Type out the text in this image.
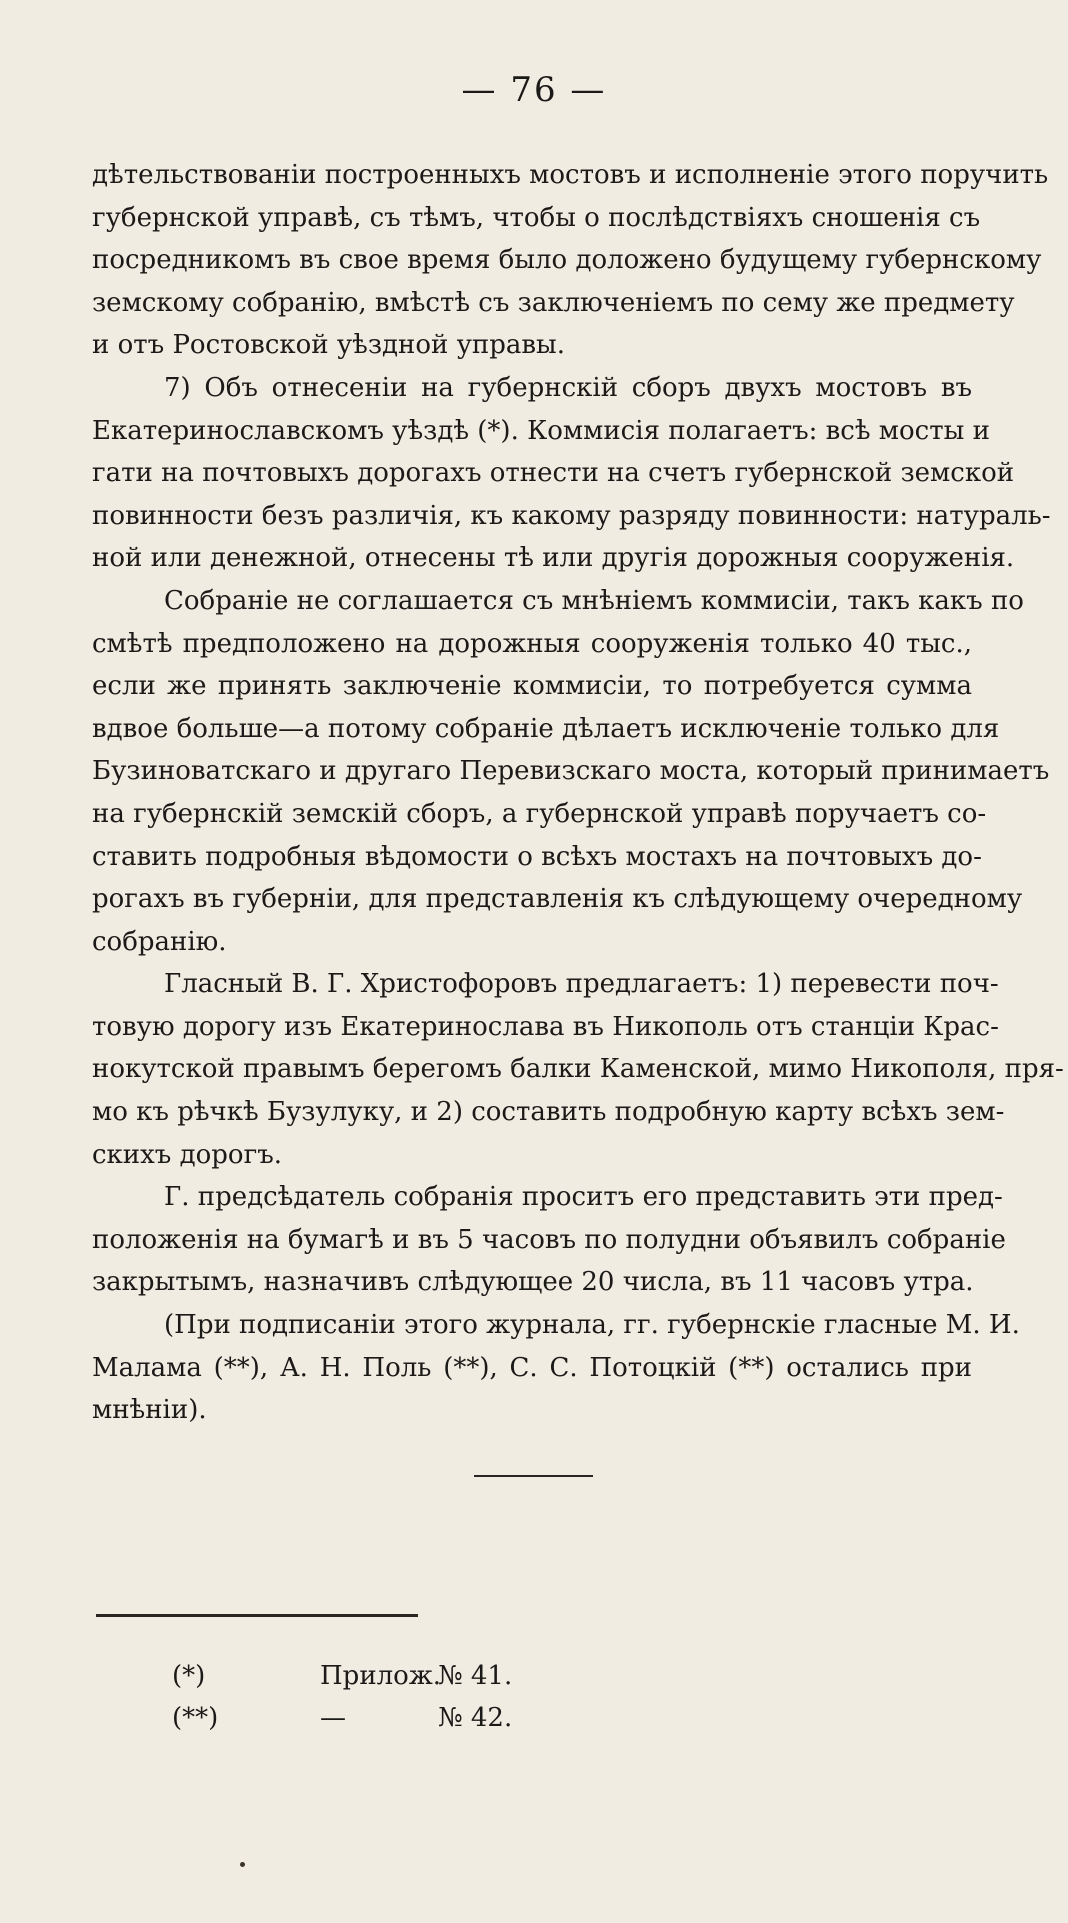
— 76 —
дѣтельствованіи построенныхъ мостовъ и исполненіе этого поручить
губернской управѣ, съ тѣмъ, чтобы о послѣдствіяхъ сношенія съ
посредникомъ въ свое время было доложено будущему губернскому
земскому собранію, вмѣстѣ съ заключеніемъ по сему же предмету
и отъ Ростовской уѣздной управы.
7) Объ отнесеніи на губернскій сборъ двухъ мостовъ въ
Екатеринославскомъ уѣздѣ (*). Коммисія полагаетъ: всѣ мосты и
гати на почтовыхъ дорогахъ отнести на счетъ губернской земской
повинности безъ различія, къ какому разряду повинности: натураль-
ной или денежной, отнесены тѣ или другія дорожныя сооруженія.
Собраніе не соглашается съ мнѣніемъ коммисіи, такъ какъ по
смѣтѣ предположено на дорожныя сооруженія только 40 тыс.,
если же принять заключеніе коммисіи, то потребуется сумма
вдвое больше—а потому собраніе дѣлаетъ исключеніе только для
Бузиноватскаго и другаго Перевизскаго моста, который принимаетъ
на губернскій земскій сборъ, а губернской управѣ поручаетъ со-
ставить подробныя вѣдомости о всѣхъ мостахъ на почтовыхъ до-
рогахъ въ губерніи, для представленія къ слѣдующему очередному
собранію.
Гласный В. Г. Христофоровъ предлагаетъ: 1) перевести поч-
товую дорогу изъ Екатеринослава въ Никополь отъ станціи Крас-
нокутской правымъ берегомъ балки Каменской, мимо Никополя, пря-
мо къ рѣчкѣ Бузулуку, и 2) составить подробную карту всѣхъ зем-
скихъ дорогъ.
Г. предсѣдатель собранія проситъ его представить эти пред-
положенія на бумагѣ и въ 5 часовъ по полудни объявилъ собраніе
закрытымъ, назначивъ слѣдующее 20 числа, въ 11 часовъ утра.
(При подписаніи этого журнала, гг. губернскіе гласные М. И.
Малама (**), А. Н. Поль (**), С. С. Потоцкій (**) остались при
мнѣніи).
(*)	Прилож.№ 41.
(**)	—	№ 42.
